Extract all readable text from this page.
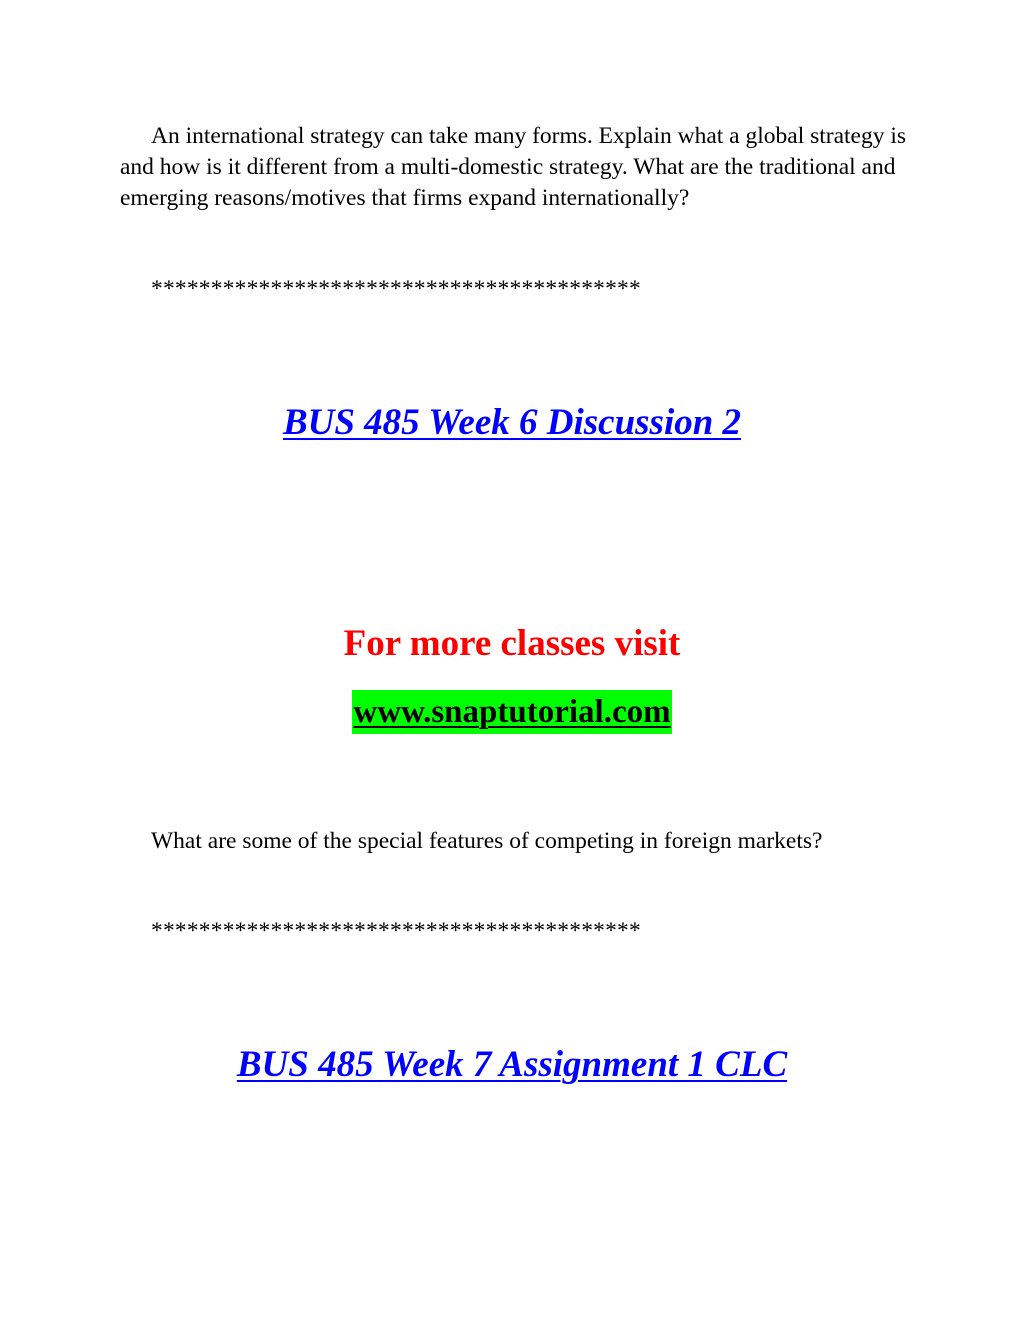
An international strategy can take many forms. Explain what a global strategy is and how is it different from a multi-domestic strategy. What are the traditional and emerging reasons/motives that firms expand internationally?

*****************************************
BUS 485 Week 6 Discussion 2
For more classes visit
www.snaptutorial.com

What are some of the special features of competing in foreign markets?

*****************************************
BUS 485 Week 7 Assignment 1 CLC
